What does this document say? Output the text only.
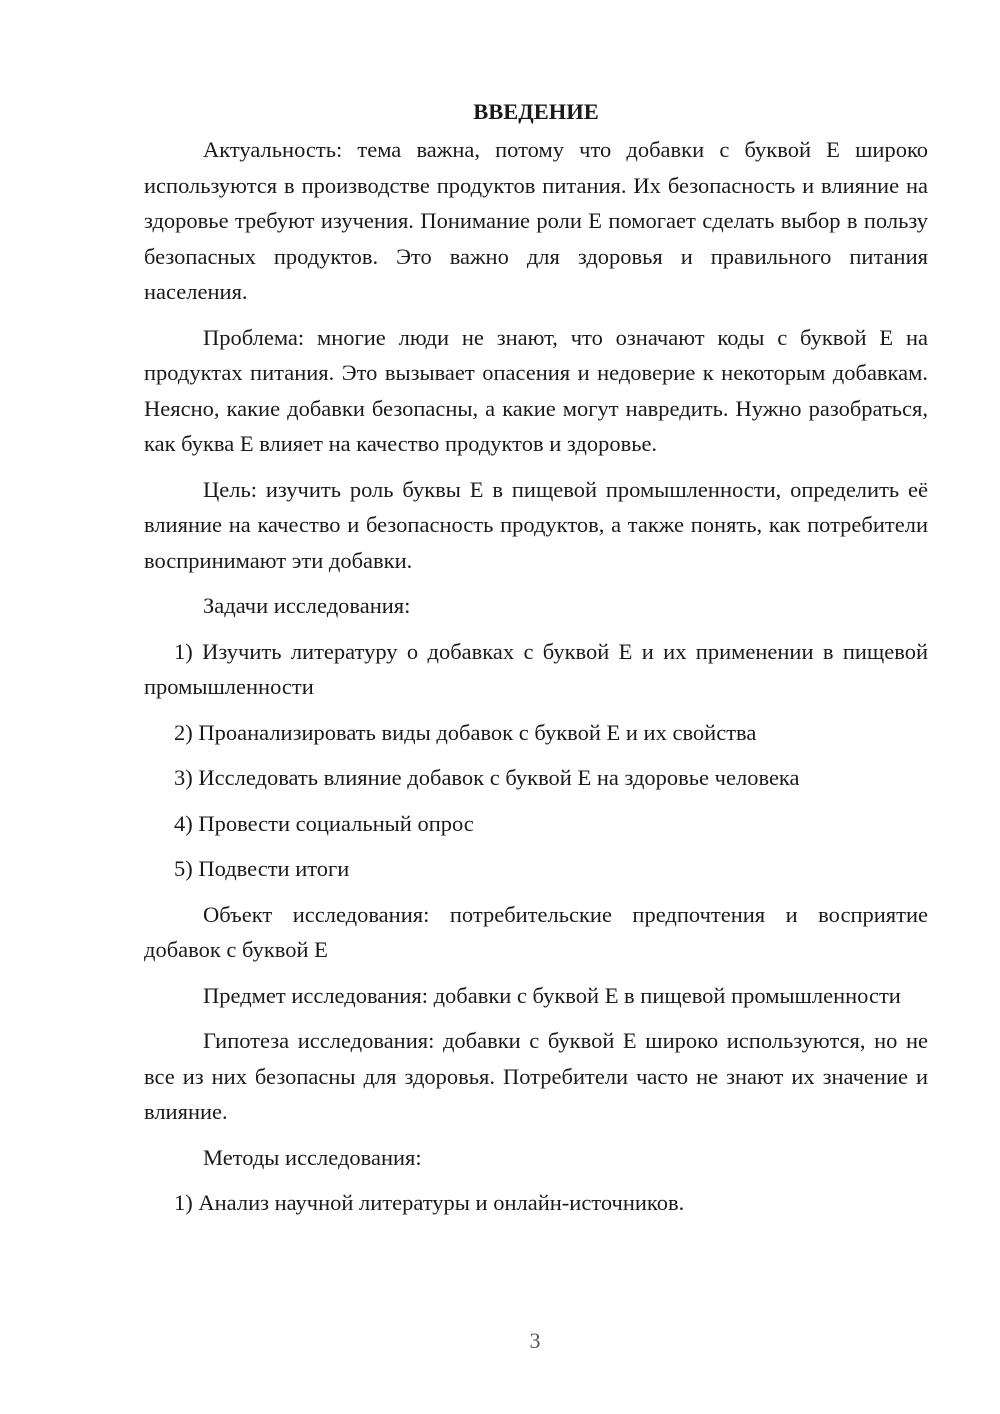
ВВЕДЕНИЕ

Актуальность: тема важна, потому что добавки с буквой Е широко используются в производстве продуктов питания. Их безопасность и влияние на здоровье требуют изучения. Понимание роли Е помогает сделать выбор в пользу безопасных продуктов. Это важно для здоровья и правильного питания населения.

Проблема: многие люди не знают, что означают коды с буквой Е на продуктах питания. Это вызывает опасения и недоверие к некоторым добавкам. Неясно, какие добавки безопасны, а какие могут навредить. Нужно разобраться, как буква Е влияет на качество продуктов и здоровье.

Цель: изучить роль буквы Е в пищевой промышленности, определить её влияние на качество и безопасность продуктов, а также понять, как потребители воспринимают эти добавки.

Задачи исследования:

1) Изучить литературу о добавках с буквой Е и их применении в пищевой промышленности

2) Проанализировать виды добавок с буквой Е и их свойства

3) Исследовать влияние добавок с буквой Е на здоровье человека

4) Провести социальный опрос

5) Подвести итоги

Объект исследования: потребительские предпочтения и восприятие добавок с буквой Е

Предмет исследования: добавки с буквой Е в пищевой промышленности

Гипотеза исследования: добавки с буквой Е широко используются, но не все из них безопасны для здоровья. Потребители часто не знают их значение и влияние.

Методы исследования:

1) Анализ научной литературы и онлайн-источников.

3
